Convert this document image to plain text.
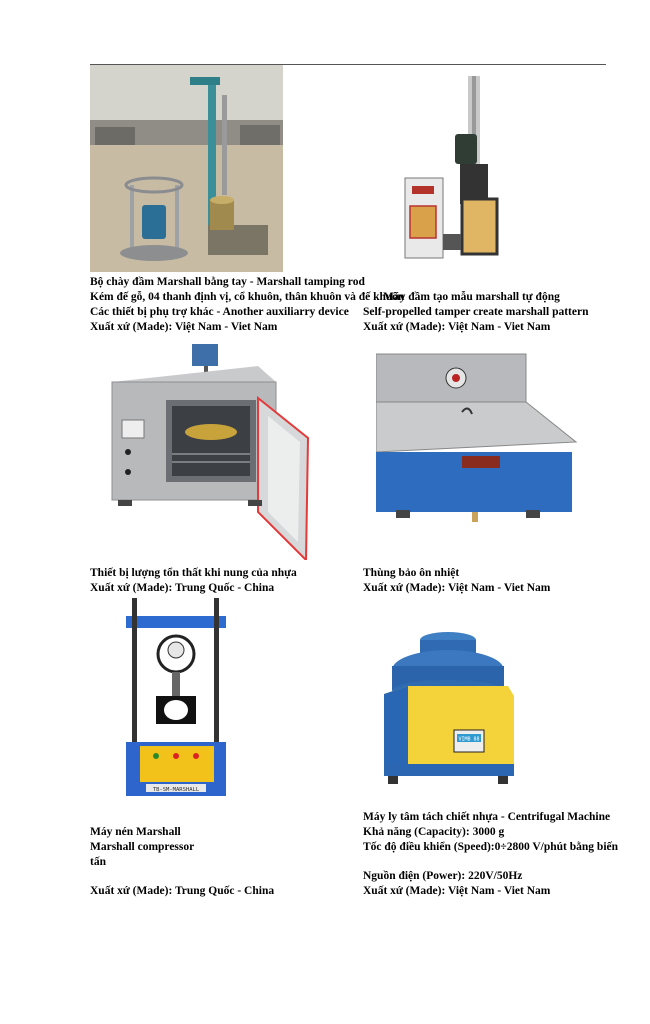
Bộ chày đầm Marshall bằng tay - Marshall tamping rod
Kém đế gỗ, 04 thanh định vị, cổ khuôn, thân khuôn và đế khuôn
Máy đầm tạo mẫu marshall tự động
Các thiết bị phụ trợ khác - Another auxiliarry device Self-propelled tamper create marshall pattern
Xuất xứ (Made): Việt Nam - Viet Nam	Xuất xứ (Made): Việt Nam - Viet Nam
Thiết bị lượng tổn thất khi nung của nhựa	Thùng bảo ôn nhiệt
Xuất xứ (Made): Trung Quốc - China	Xuất xứ (Made): Việt Nam - Viet Nam
TB-SM-MARSHALL
VIMB 88
Máy ly tâm tách chiết nhựa - Centrifugal Machine
Máy nén Marshall	Khả năng (Capacity): 3000 g
Marshall compressor	Tốc độ điều khiển (Speed):0÷2800 V/phút bằng biến
tấn
Nguồn điện (Power): 220V/50Hz
Xuất xứ (Made): Trung Quốc - China	Xuất xứ (Made): Việt Nam - Viet Nam
